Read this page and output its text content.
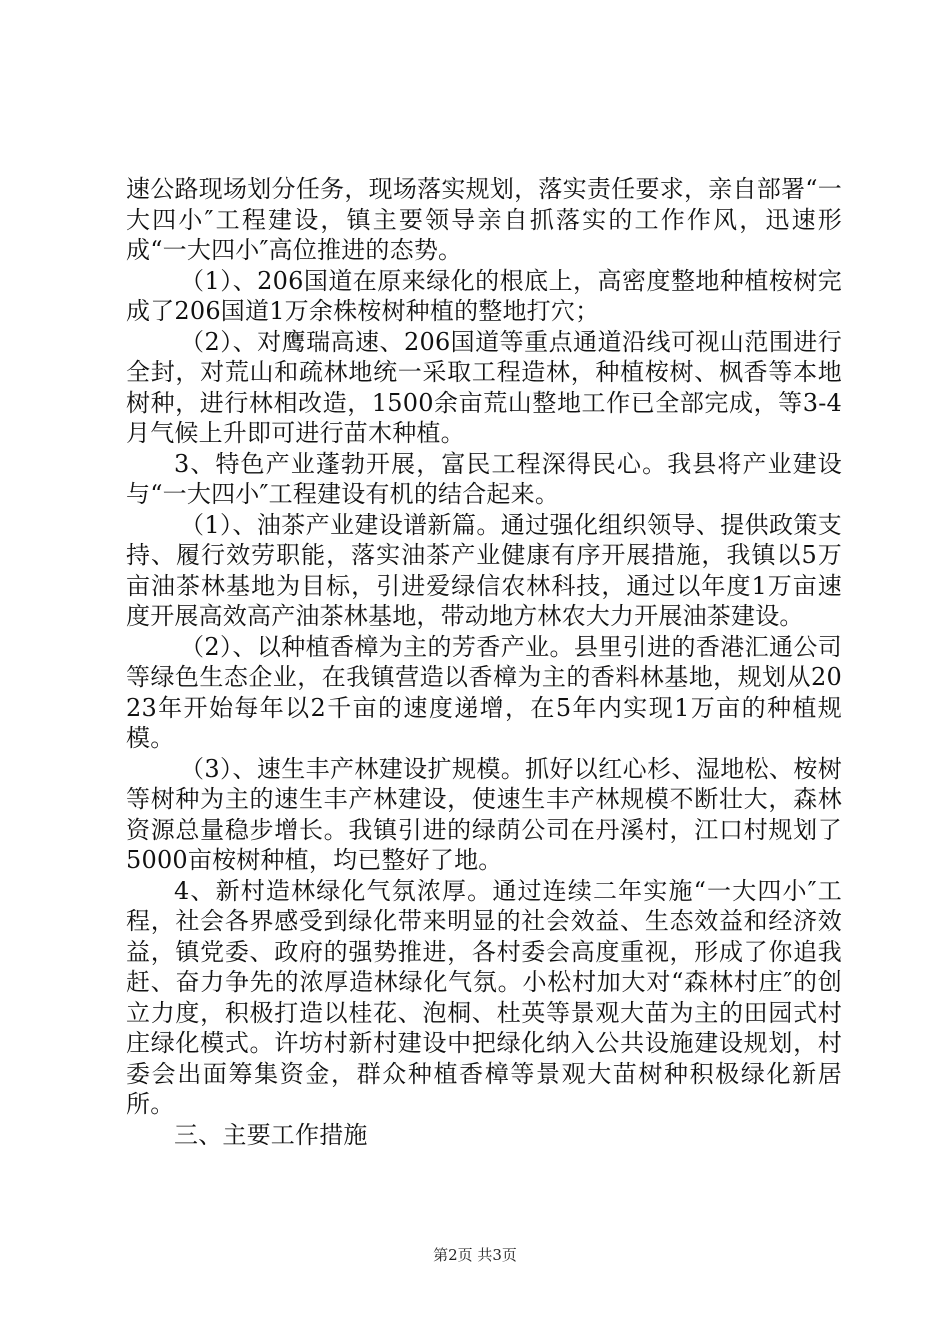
速公路现场划分任务，现场落实规划，落实责任要求，亲自部署“一大四小″工程建设，镇主要领导亲自抓落实的工作作风，迅速形成“一大四小″高位推进的态势。

（1）、206国道在原来绿化的根底上，高密度整地种植桉树完成了206国道1万余株桉树种植的整地打穴；

（2）、对鹰瑞高速、206国道等重点通道沿线可视山范围进行全封，对荒山和疏林地统一采取工程造林，种植桉树、枫香等本地树种，进行林相改造，1500余亩荒山整地工作已全部完成，等3-4月气候上升即可进行苗木种植。

3、特色产业蓬勃开展，富民工程深得民心。我县将产业建设与“一大四小″工程建设有机的结合起来。

（1）、油茶产业建设谱新篇。通过强化组织领导、提供政策支持、履行效劳职能，落实油茶产业健康有序开展措施，我镇以5万亩油茶林基地为目标，引进爱绿信农林科技，通过以年度1万亩速度开展高效高产油茶林基地，带动地方林农大力开展油茶建设。

（2）、以种植香樟为主的芳香产业。县里引进的香港汇通公司等绿色生态企业，在我镇营造以香樟为主的香料林基地，规划从2023年开始每年以2千亩的速度递增，在5年内实现1万亩的种植规模。

（3）、速生丰产林建设扩规模。抓好以红心杉、湿地松、桉树等树种为主的速生丰产林建设，使速生丰产林规模不断壮大，森林资源总量稳步增长。我镇引进的绿荫公司在丹溪村，江口村规划了5000亩桉树种植，均已整好了地。

4、新村造林绿化气氛浓厚。通过连续二年实施“一大四小″工程，社会各界感受到绿化带来明显的社会效益、生态效益和经济效益，镇党委、政府的强势推进，各村委会高度重视，形成了你追我赶、奋力争先的浓厚造林绿化气氛。小松村加大对“森林村庄″的创立力度，积极打造以桂花、泡桐、杜英等景观大苗为主的田园式村庄绿化模式。许坊村新村建设中把绿化纳入公共设施建设规划，村委会出面筹集资金，群众种植香樟等景观大苗树种积极绿化新居所。

三、主要工作措施

第2页 共3页
